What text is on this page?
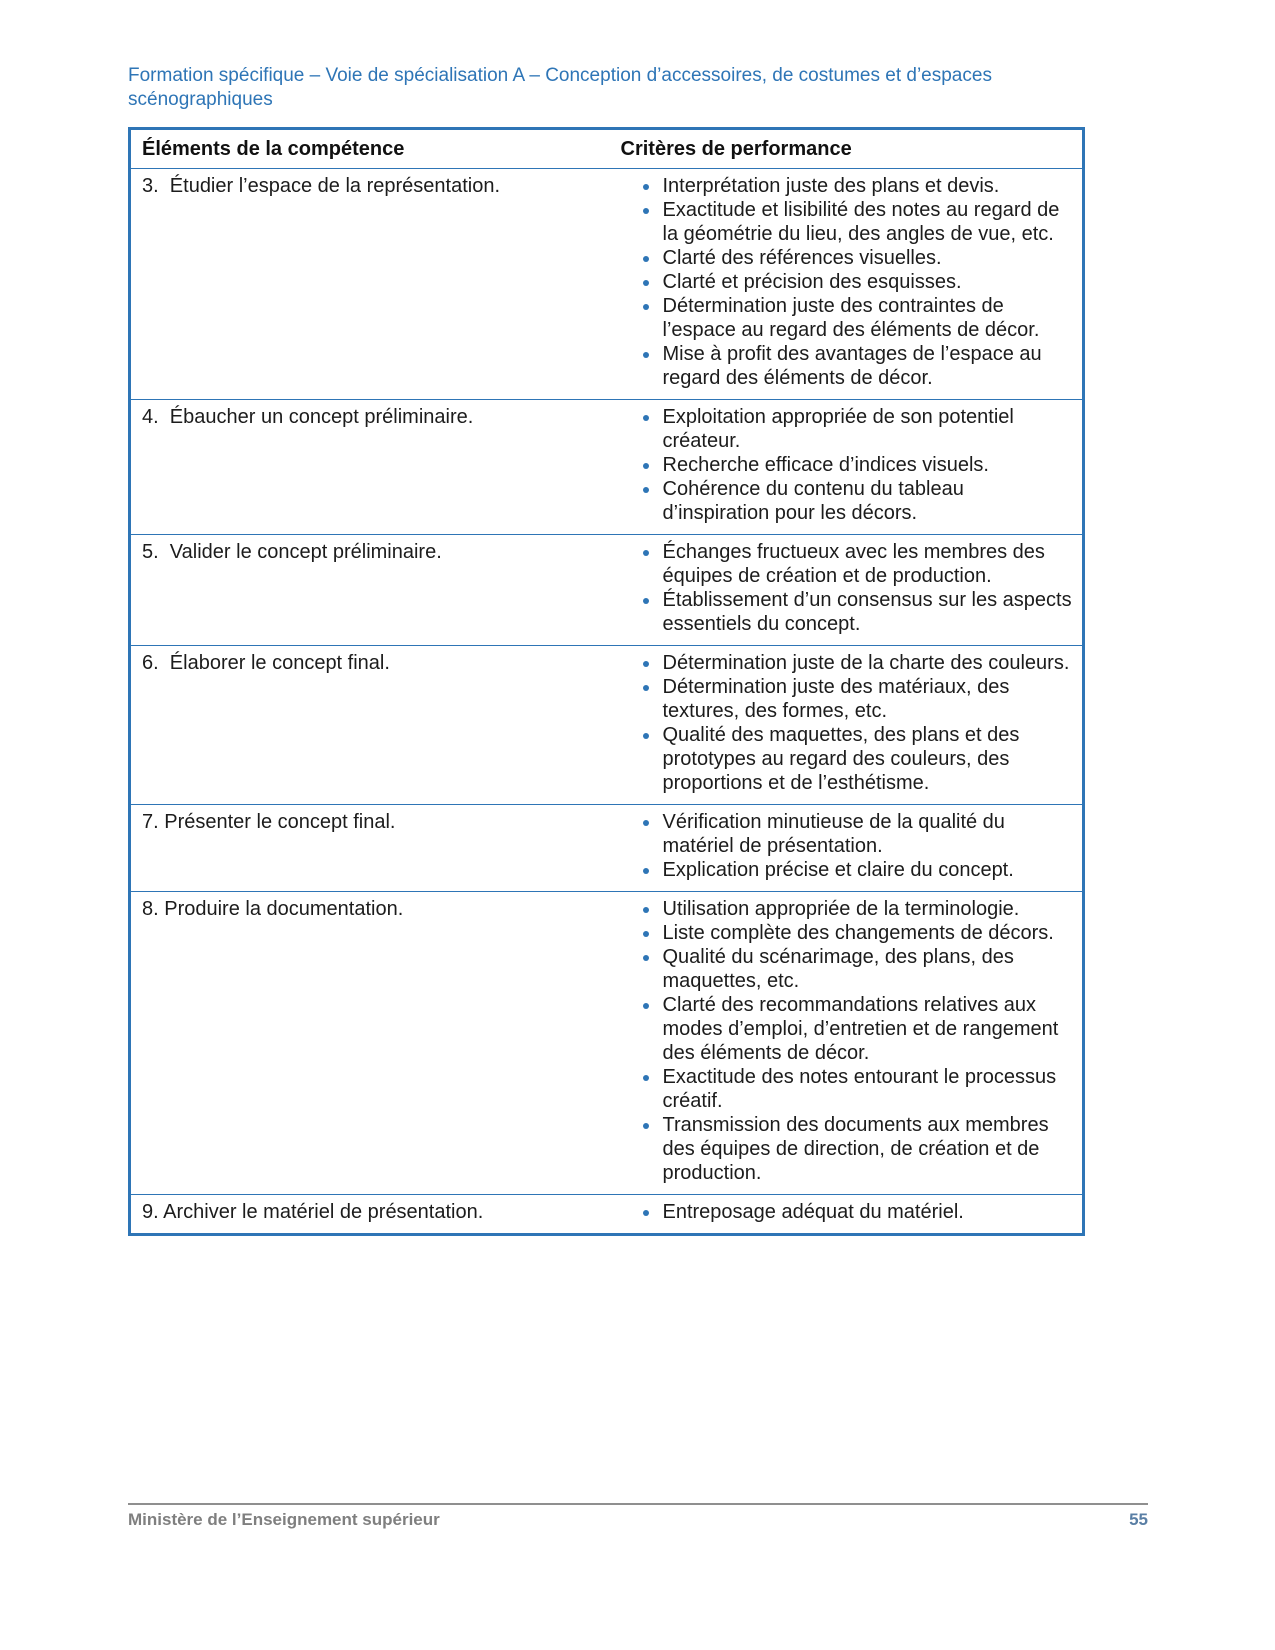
Formation spécifique – Voie de spécialisation A – Conception d’accessoires, de costumes et d’espaces scénographiques
Éléments de la compétence	Critères de performance
3.  Étudier l’espace de la représentation.	
•Interprétation juste des plans et devis.
• Exactitude et lisibilité des notes au regard de la géométrie du lieu, des angles de vue, etc.
• Clarté des références visuelles.
• Clarté et précision des esquisses.
• Détermination juste des contraintes de l’espace au regard des éléments de décor.
• Mise à profit des avantages de l’espace au regard des éléments de décor.

4.  Ébaucher un concept préliminaire.	
•Exploitation appropriée de son potentiel créateur.
• Recherche efficace d’indices visuels.
• Cohérence du contenu du tableau d’inspiration pour les décors.

5.  Valider le concept préliminaire.	
•Échanges fructueux avec les membres des équipes de création et de production.
• Établissement d’un consensus sur les aspects essentiels du concept.

6.  Élaborer le concept final.	
•Détermination juste de la charte des couleurs.
• Détermination juste des matériaux, des textures, des formes, etc.
• Qualité des maquettes, des plans et des prototypes au regard des couleurs, des proportions et de l’esthétisme.

7. Présenter le concept final.	
•Vérification minutieuse de la qualité du matériel de présentation.
• Explication précise et claire du concept.

8. Produire la documentation.	
•Utilisation appropriée de la terminologie.
• Liste complète des changements de décors.
• Qualité du scénarimage, des plans, des maquettes, etc.
• Clarté des recommandations relatives aux modes d’emploi, d’entretien et de rangement des éléments de décor.
• Exactitude des notes entourant le processus créatif.
• Transmission des documents aux membres des équipes de direction, de création et de production.

9. Archiver le matériel de présentation.	
•Entreposage adéquat du matériel.
Ministère de l’Enseignement supérieur	55
